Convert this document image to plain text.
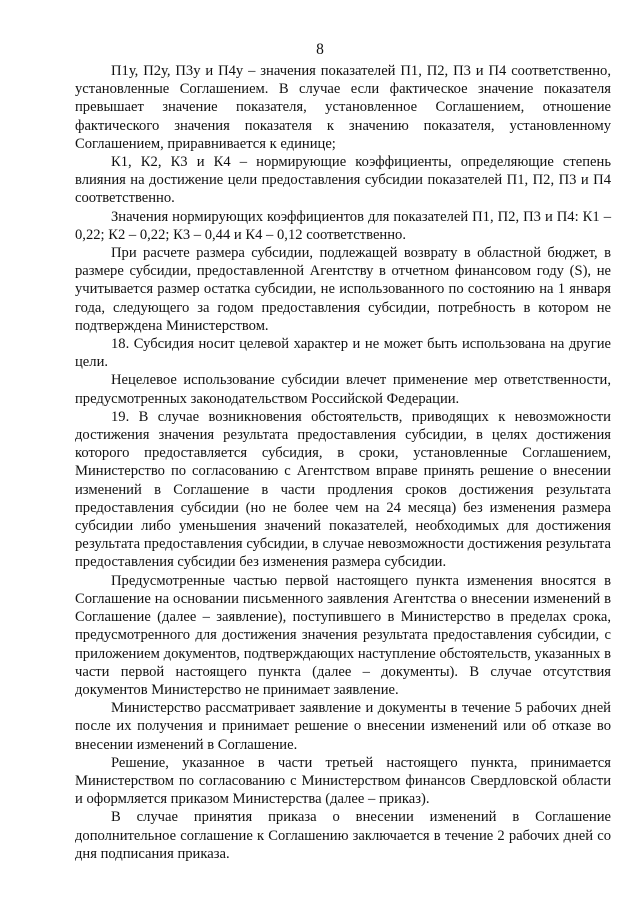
8

П1у, П2у, П3у и П4у – значения показателей П1, П2, П3 и П4 соответственно, установленные Соглашением. В случае если фактическое значение показателя превышает значение показателя, установленное Соглашением, отношение фактического значения показателя к значению показателя, установленному Соглашением, приравнивается к единице;

К1, К2, К3 и К4 – нормирующие коэффициенты, определяющие степень влияния на достижение цели предоставления субсидии показателей П1, П2, П3 и П4 соответственно.

Значения нормирующих коэффициентов для показателей П1, П2, П3 и П4: К1 – 0,22; К2 – 0,22; К3 – 0,44 и К4 – 0,12 соответственно.

При расчете размера субсидии, подлежащей возврату в областной бюджет, в размере субсидии, предоставленной Агентству в отчетном финансовом году (S), не учитывается размер остатка субсидии, не использованного по состоянию на 1 января года, следующего за годом предоставления субсидии, потребность в котором не подтверждена Министерством.

18. Субсидия носит целевой характер и не может быть использована на другие цели.

Нецелевое использование субсидии влечет применение мер ответственности, предусмотренных законодательством Российской Федерации.

19. В случае возникновения обстоятельств, приводящих к невозможности достижения значения результата предоставления субсидии, в целях достижения которого предоставляется субсидия, в сроки, установленные Соглашением, Министерство по согласованию с Агентством вправе принять решение о внесении изменений в Соглашение в части продления сроков достижения результата предоставления субсидии (но не более чем на 24 месяца) без изменения размера субсидии либо уменьшения значений показателей, необходимых для достижения результата предоставления субсидии, в случае невозможности достижения результата предоставления субсидии без изменения размера субсидии.

Предусмотренные частью первой настоящего пункта изменения вносятся в Соглашение на основании письменного заявления Агентства о внесении изменений в Соглашение (далее – заявление), поступившего в Министерство в пределах срока, предусмотренного для достижения значения результата предоставления субсидии, с приложением документов, подтверждающих наступление обстоятельств, указанных в части первой настоящего пункта (далее – документы). В случае отсутствия документов Министерство не принимает заявление.

Министерство рассматривает заявление и документы в течение 5 рабочих дней после их получения и принимает решение о внесении изменений или об отказе во внесении изменений в Соглашение.

Решение, указанное в части третьей настоящего пункта, принимается Министерством по согласованию с Министерством финансов Свердловской области и оформляется приказом Министерства (далее – приказ).

В случае принятия приказа о внесении изменений в Соглашение дополнительное соглашение к Соглашению заключается в течение 2 рабочих дней со дня подписания приказа.
